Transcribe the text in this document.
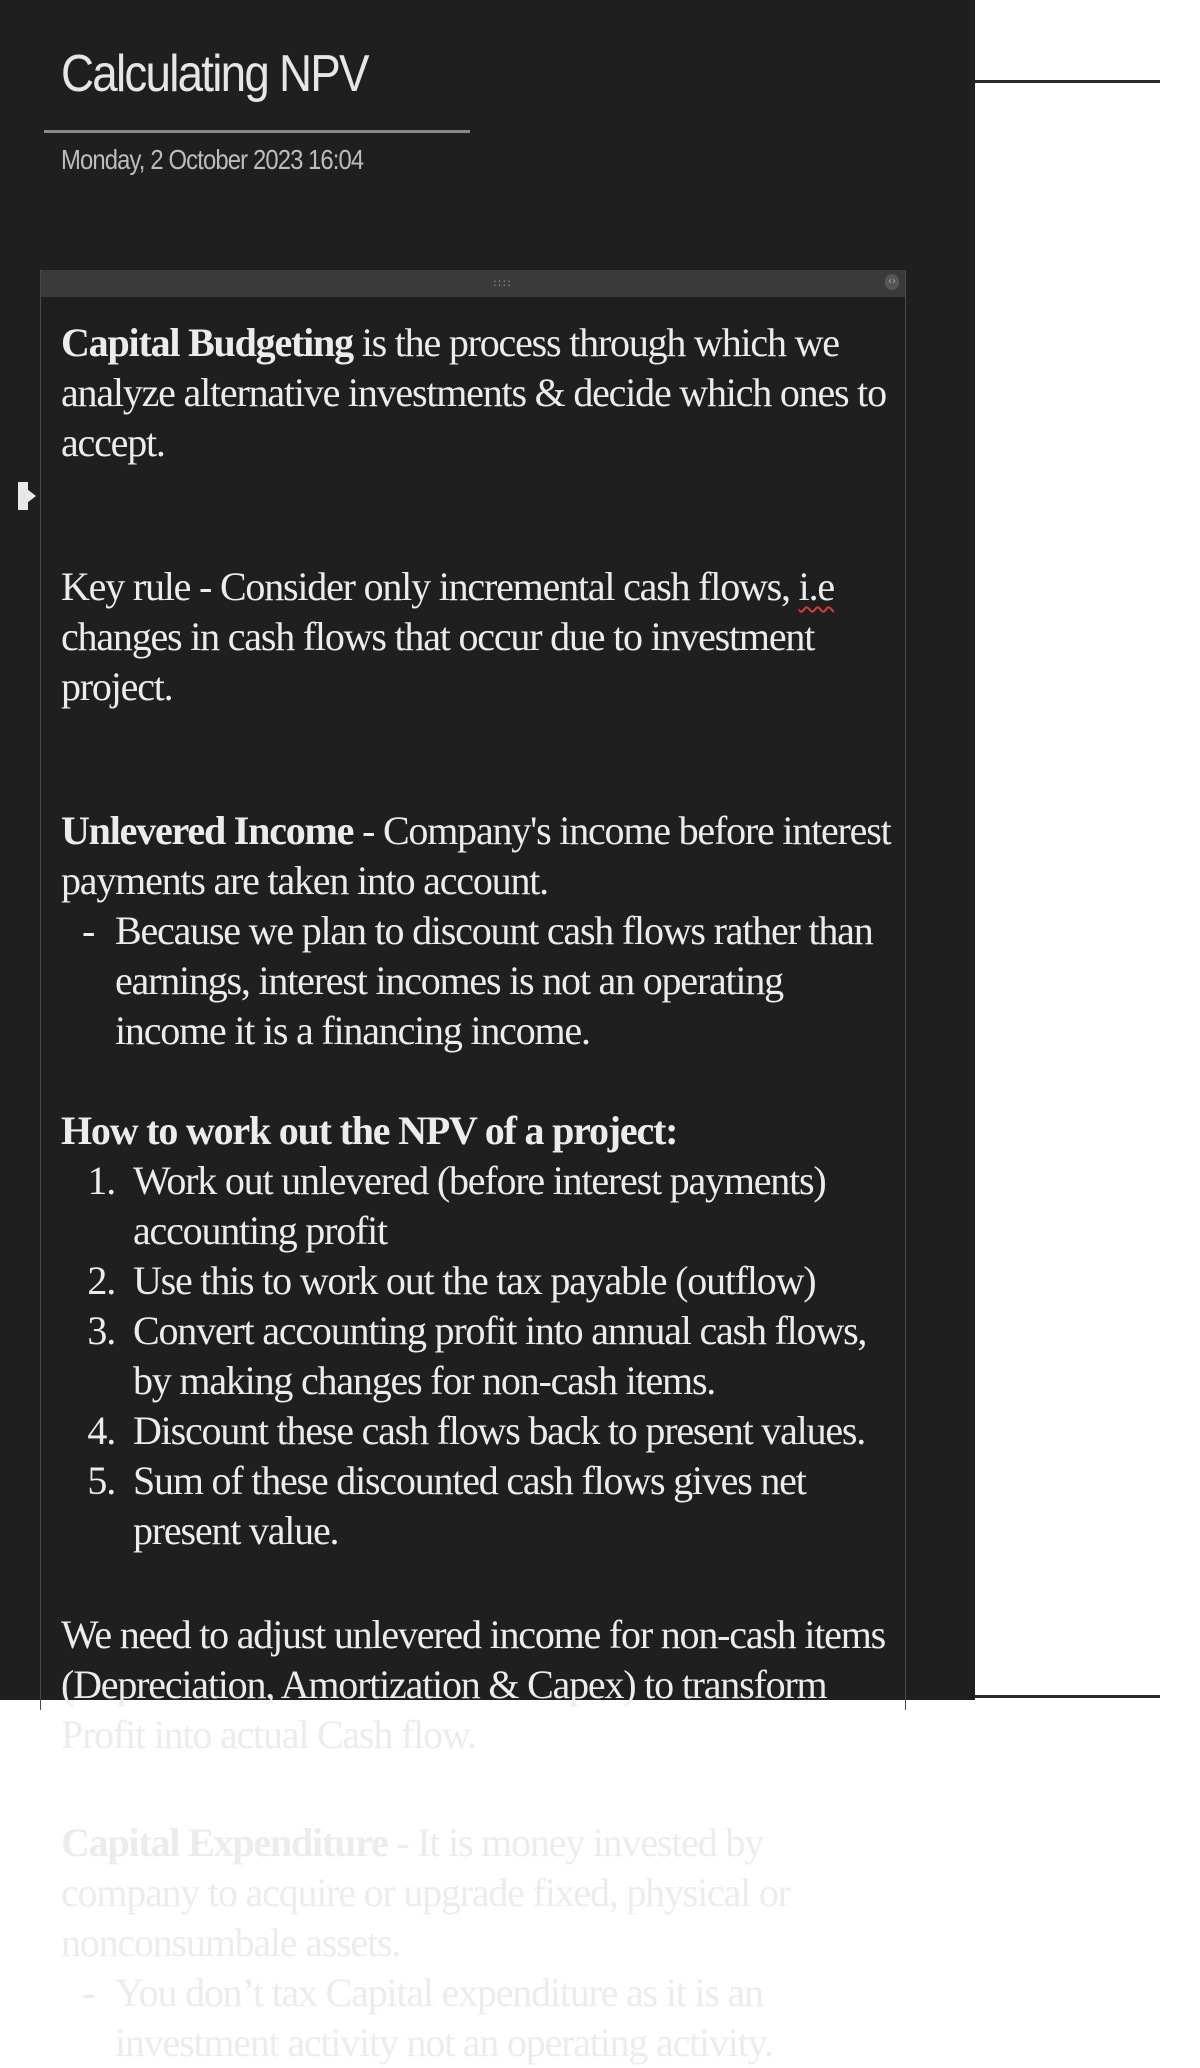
Calculating NPV
Monday, 2 October 2023 16:04
::::	‹›

Capital Budgeting is the process through which we analyze alternative investments & decide which ones to accept.

Key rule - Consider only incremental cash flows, i.e changes in cash flows that occur due to investment project.

Unlevered Income - Company's income before interest payments are taken into account.

- Because we plan to discount cash flows rather than earnings, interest incomes is not an operating income it is a financing income.

How to work out the NPV of a project:

1. Work out unlevered (before interest payments) accounting profit
2. Use this to work out the tax payable (outflow)
3. Convert accounting profit into annual cash flows, by making changes for non-cash items.
4. Discount these cash flows back to present values.
5. Sum of these discounted cash flows gives net present value.

We need to adjust unlevered income for non-cash items (Depreciation, Amortization & Capex) to transform Profit into actual Cash flow.

Capital Expenditure - It is money invested by company to acquire or upgrade fixed, physical or nonconsumbale assets.

- You don’t tax Capital expenditure as it is an investment activity not an operating activity.
